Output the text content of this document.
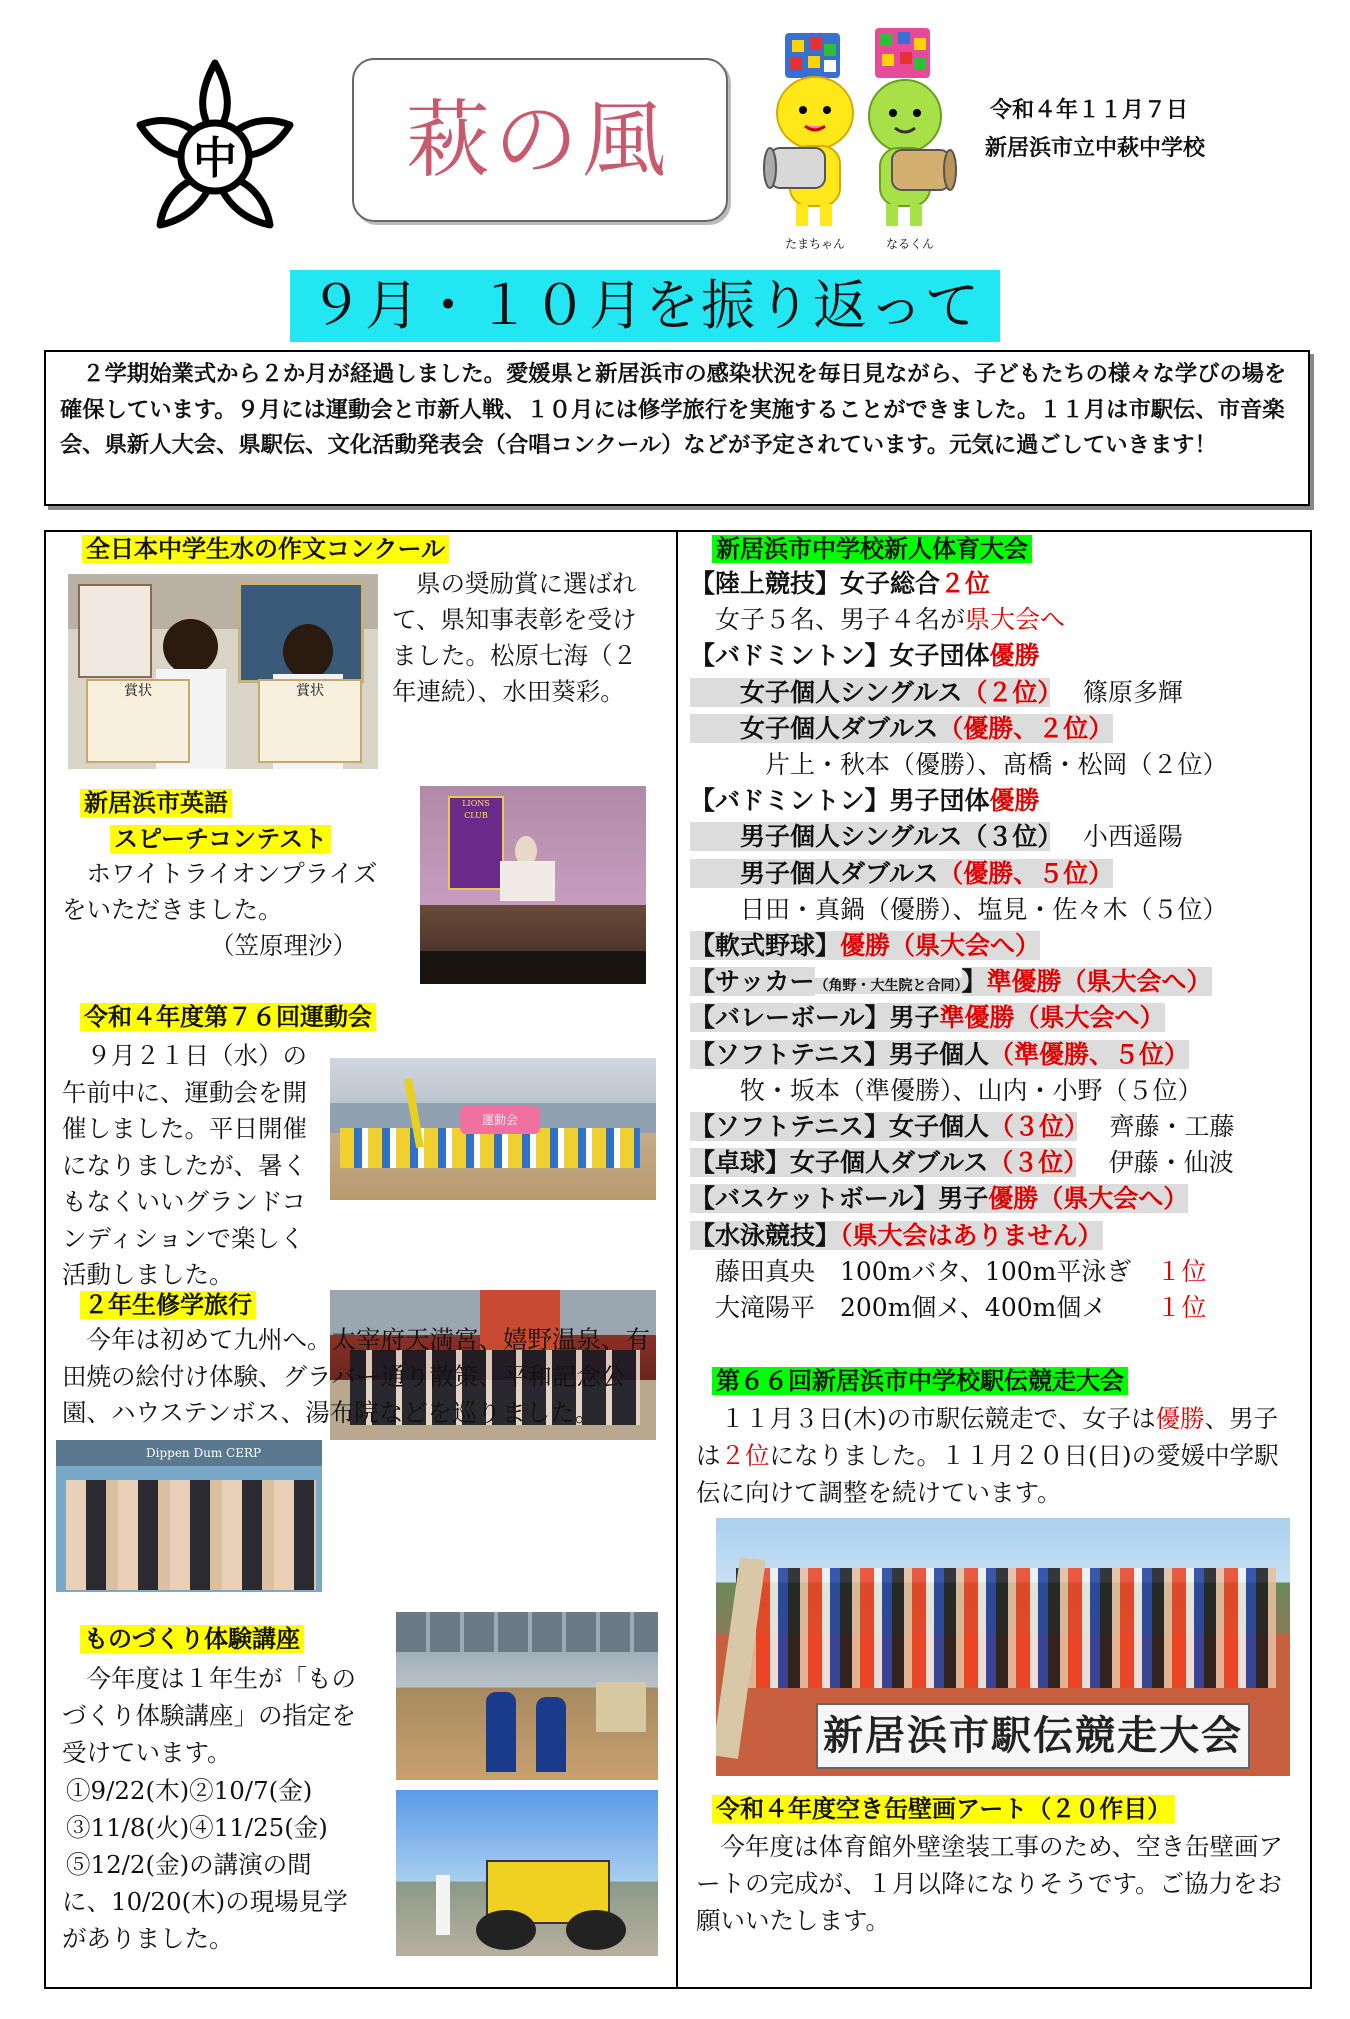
中	萩の風
たまちゃん	なるくん
令和４年１１月７日
新居浜市立中萩中学校
９月・１０月を振り返って
　２学期始業式から２か月が経過しました。愛媛県と新居浜市の感染状況を毎日見ながら、子どもたちの様々な学びの場を確保しています。９月には運動会と市新人戦、１０月には修学旅行を実施することができました。１１月は市駅伝、市音楽会、県新人大会、県駅伝、文化活動発表会（合唱コンクール）などが予定されています。元気に過ごしていきます！
全日本中学生水の作文コンクール
賞状	賞状
県の奨励賞に選ばれて、県知事表彰を受けました。松原七海（２年連続）、水田葵彩。
新居浜市英語
スピーチコンテスト
　ホワイトライオンプライズをいただきました。
（笠原理沙）
LIONS CLUB
令和４年度第７６回運動会
　９月２１日（水）の午前中に、運動会を開催しました。平日開催になりましたが、暑くもなくいいグランドコンディションで楽しく活動しました。
運動会
２年生修学旅行
Dippen Dum CERP
　今年は初めて九州へ。太宰府天満宮、嬉野温泉、有田焼の絵付け体験、グラバー通り散策、平和記念公園、ハウステンボス、湯布院などを巡りました。
ものづくり体験講座
　今年度は１年生が「ものづくり体験講座」の指定を受けています。
①9/22(木)②10/7(金)
③11/8(火)④11/25(金)
⑤12/2(金)の講演の間
に、10/20(木)の現場見学がありました。
新居浜市中学校新人体育大会
【陸上競技】女子総合２位
　女子５名、男子４名が県大会へ
【バドミントン】女子団体優勝
　　女子個人シングルス（２位）　 篠原多輝
　　女子個人ダブルス（優勝、２位）
　　　片上・秋本（優勝）、髙橋・松岡（２位）
【バドミントン】男子団体優勝
　　男子個人シングルス（３位）　 小西遥陽
　　男子個人ダブルス（優勝、５位）
　　日田・真鍋（優勝）、塩見・佐々木（５位）
【軟式野球】優勝（県大会へ）
【サッカー（角野・大生院と合同）】準優勝（県大会へ）
【バレーボール】男子準優勝（県大会へ）
【ソフトテニス】男子個人（準優勝、５位）
　　牧・坂本（準優勝）、山内・小野（５位）
【ソフトテニス】女子個人（３位）　 齊藤・工藤
【卓球】女子個人ダブルス（３位）　 伊藤・仙波
【バスケットボール】男子優勝（県大会へ）
【水泳競技】（県大会はありません）
　藤田真央　100mバタ、100m平泳ぎ　１位
　大滝陽平　200m個メ、400m個メ　　１位
第６６回新居浜市中学校駅伝競走大会
　１１月３日(木)の市駅伝競走で、女子は優勝、男子は２位になりました。１１月２０日(日)の愛媛中学駅伝に向けて調整を続けています。
新居浜市駅伝競走大会
令和４年度空き缶壁画アート（２０作目）
　今年度は体育館外壁塗装工事のため、空き缶壁画アートの完成が、１月以降になりそうです。ご協力をお願いいたします。
